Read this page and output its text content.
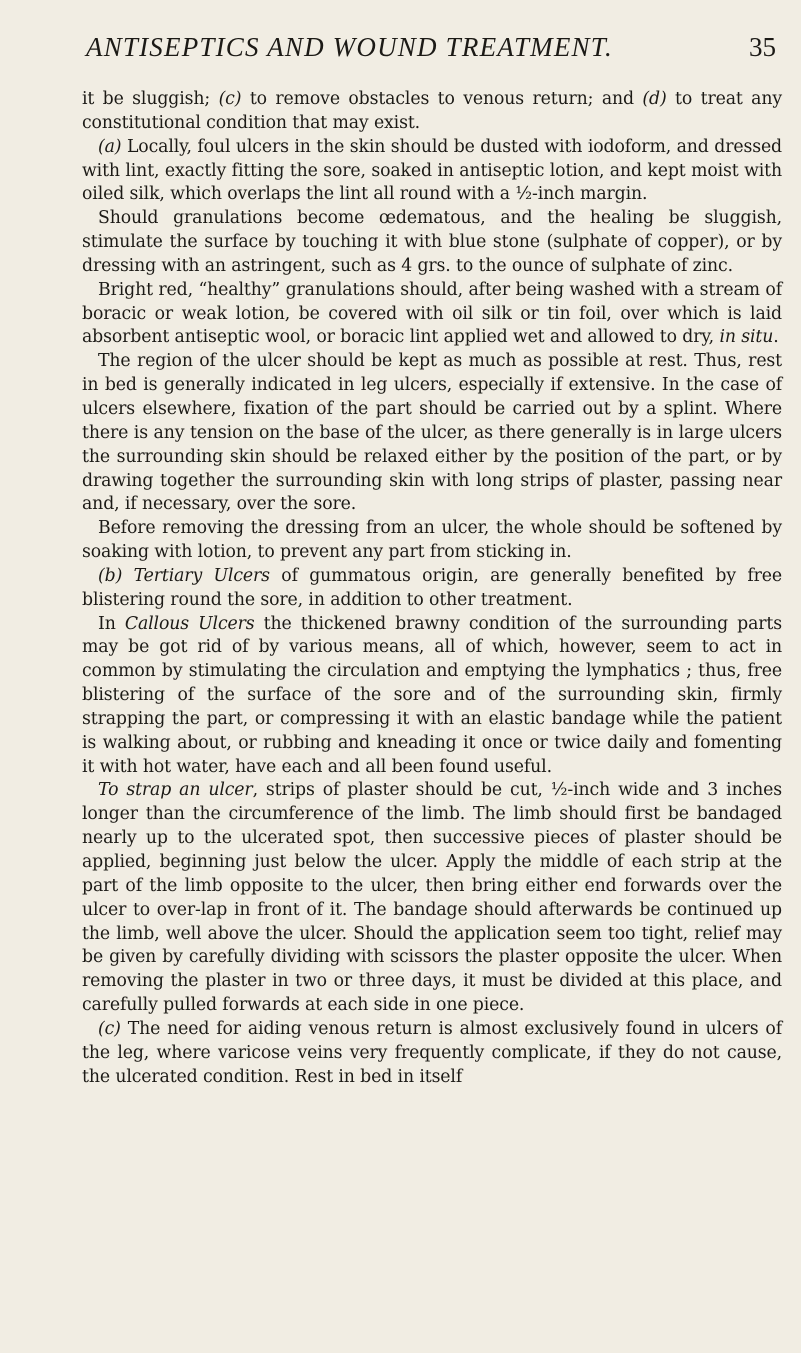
ANTISEPTICS AND WOUND TREATMENT.	35

it be sluggish; (c) to remove obstacles to venous return; and (d) to treat any constitutional condition that may exist.

(a) Locally, foul ulcers in the skin should be dusted with iodoform, and dressed with lint, exactly fitting the sore, soaked in antiseptic lotion, and kept moist with oiled silk, which overlaps the lint all round with a ½-inch margin.

Should granulations become œdematous, and the healing be sluggish, stimulate the surface by touching it with blue stone (sulphate of copper), or by dressing with an astringent, such as 4 grs. to the ounce of sulphate of zinc.

Bright red, “healthy” granulations should, after being washed with a stream of boracic or weak lotion, be covered with oil silk or tin foil, over which is laid absorbent antiseptic wool, or boracic lint applied wet and allowed to dry, in situ.

The region of the ulcer should be kept as much as possible at rest. Thus, rest in bed is generally indicated in leg ulcers, especially if extensive. In the case of ulcers elsewhere, fixation of the part should be carried out by a splint. Where there is any tension on the base of the ulcer, as there generally is in large ulcers the surrounding skin should be relaxed either by the position of the part, or by drawing together the surrounding skin with long strips of plaster, passing near and, if necessary, over the sore.

Before removing the dressing from an ulcer, the whole should be softened by soaking with lotion, to prevent any part from sticking in.

(b) Tertiary Ulcers of gummatous origin, are generally benefited by free blistering round the sore, in addition to other treatment.

In Callous Ulcers the thickened brawny condition of the surrounding parts may be got rid of by various means, all of which, however, seem to act in common by stimulating the circulation and emptying the lymphatics ; thus, free blistering of the surface of the sore and of the surrounding skin, firmly strapping the part, or compressing it with an elastic bandage while the patient is walking about, or rubbing and kneading it once or twice daily and fomenting it with hot water, have each and all been found useful.

To strap an ulcer, strips of plaster should be cut, ½-inch wide and 3 inches longer than the circumference of the limb. The limb should first be bandaged nearly up to the ulcerated spot, then successive pieces of plaster should be applied, beginning just below the ulcer. Apply the middle of each strip at the part of the limb opposite to the ulcer, then bring either end forwards over the ulcer to over-lap in front of it. The bandage should afterwards be continued up the limb, well above the ulcer. Should the application seem too tight, relief may be given by carefully dividing with scissors the plaster opposite the ulcer. When removing the plaster in two or three days, it must be divided at this place, and carefully pulled forwards at each side in one piece.

(c) The need for aiding venous return is almost exclusively found in ulcers of the leg, where varicose veins very frequently complicate, if they do not cause, the ulcerated condition. Rest in bed in itself
